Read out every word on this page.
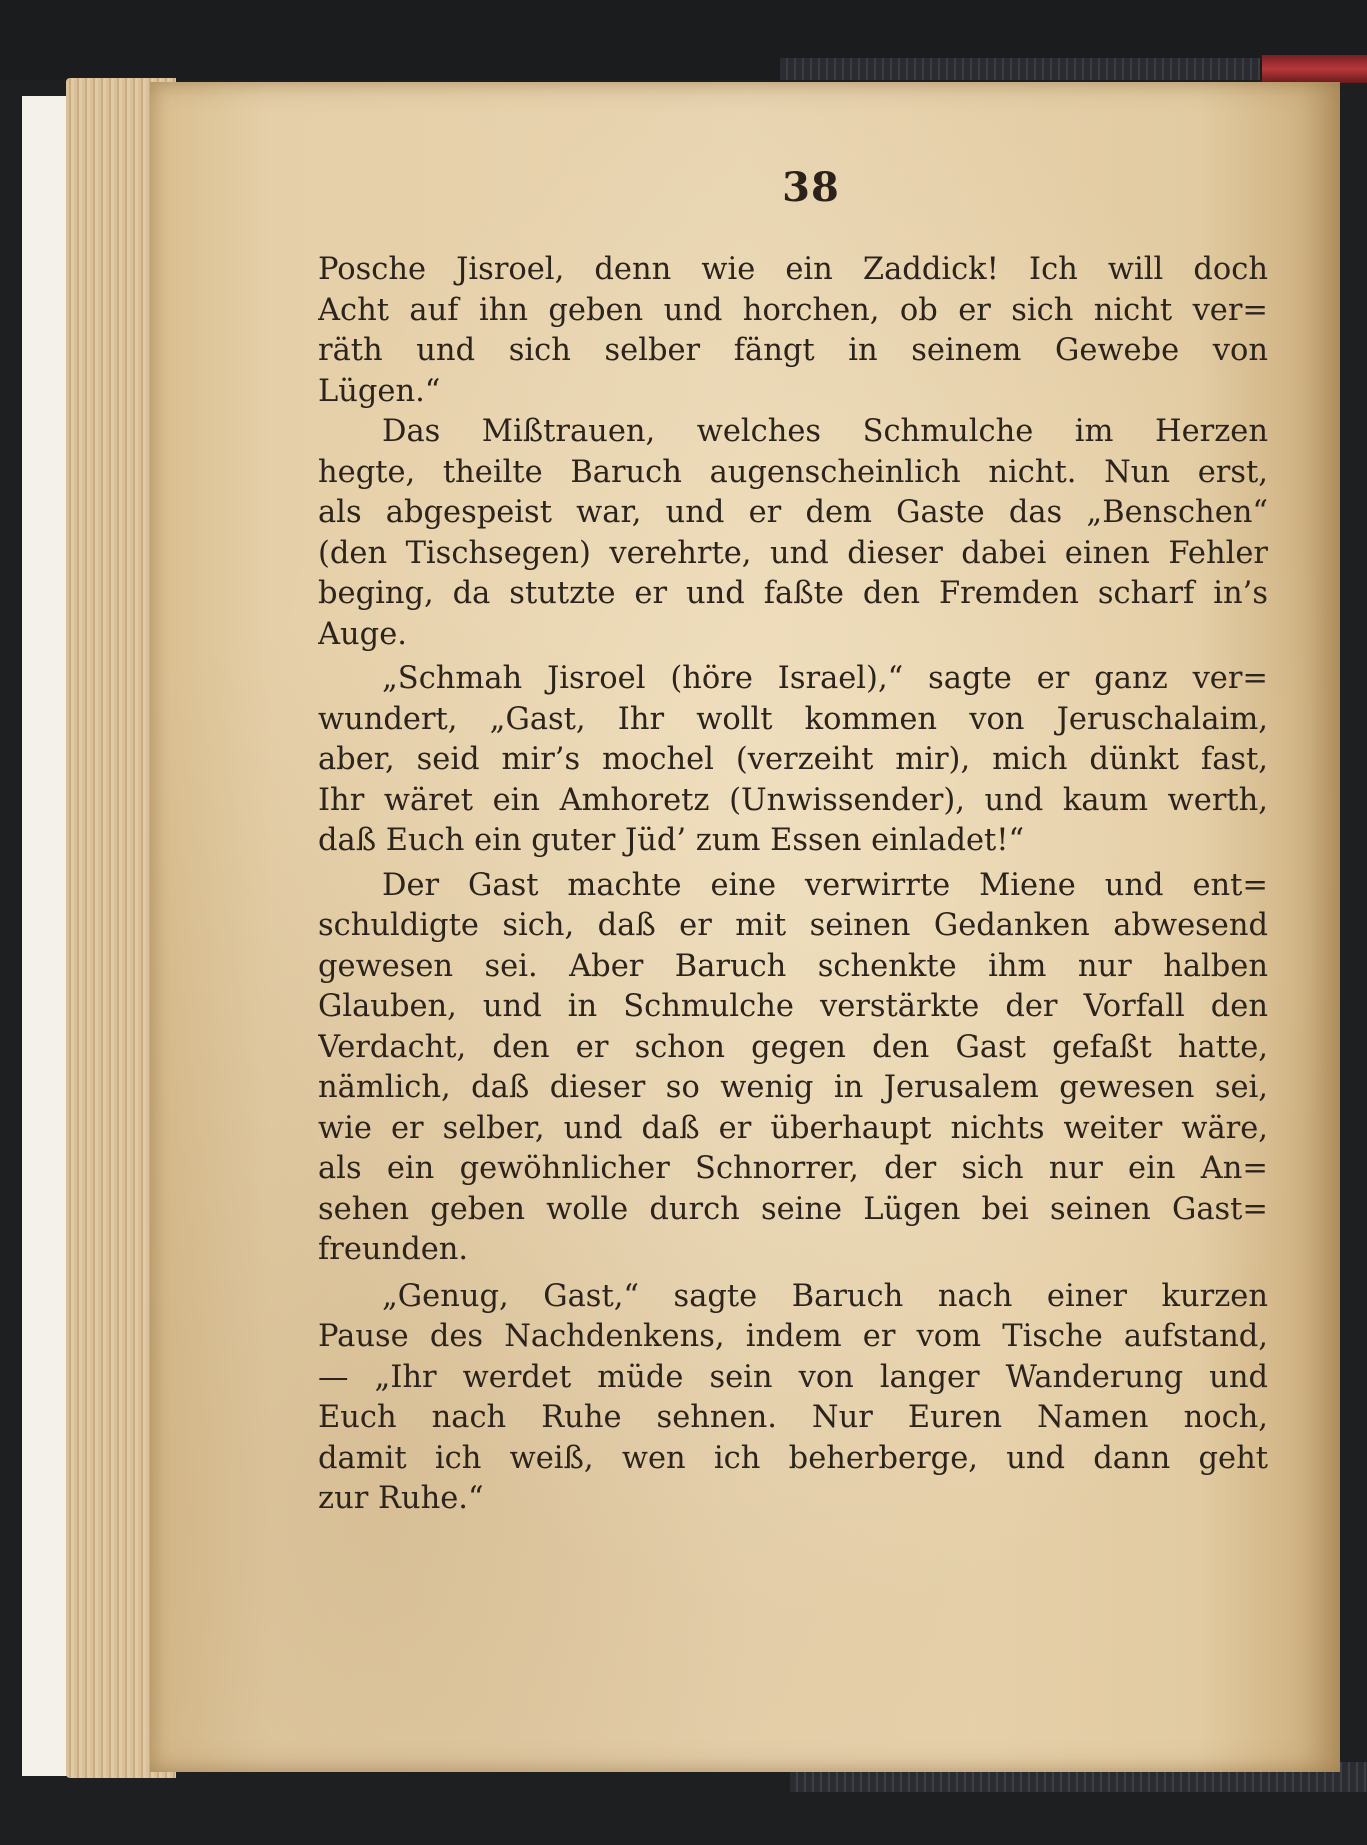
38
Posche Jisroel, denn wie ein Zaddick! Ich will doch
Acht auf ihn geben und horchen, ob er sich nicht ver=
räth und sich selber fängt in seinem Gewebe von
Lügen.“
Das Mißtrauen, welches Schmulche im Herzen
hegte, theilte Baruch augenscheinlich nicht. Nun erst,
als abgespeist war, und er dem Gaste das „Benschen“
(den Tischsegen) verehrte, und dieser dabei einen Fehler
beging, da stutzte er und faßte den Fremden scharf in’s
Auge.
„Schmah Jisroel (höre Israel),“ sagte er ganz ver=
wundert, „Gast, Ihr wollt kommen von Jeruschalaim,
aber, seid mir’s mochel (verzeiht mir), mich dünkt fast,
Ihr wäret ein Amhoretz (Unwissender), und kaum werth,
daß Euch ein guter Jüd’ zum Essen einladet!“
Der Gast machte eine verwirrte Miene und ent=
schuldigte sich, daß er mit seinen Gedanken abwesend
gewesen sei. Aber Baruch schenkte ihm nur halben
Glauben, und in Schmulche verstärkte der Vorfall den
Verdacht, den er schon gegen den Gast gefaßt hatte,
nämlich, daß dieser so wenig in Jerusalem gewesen sei,
wie er selber, und daß er überhaupt nichts weiter wäre,
als ein gewöhnlicher Schnorrer, der sich nur ein An=
sehen geben wolle durch seine Lügen bei seinen Gast=
freunden.
„Genug, Gast,“ sagte Baruch nach einer kurzen
Pause des Nachdenkens, indem er vom Tische aufstand,
— „Ihr werdet müde sein von langer Wanderung und
Euch nach Ruhe sehnen. Nur Euren Namen noch,
damit ich weiß, wen ich beherberge, und dann geht
zur Ruhe.“
